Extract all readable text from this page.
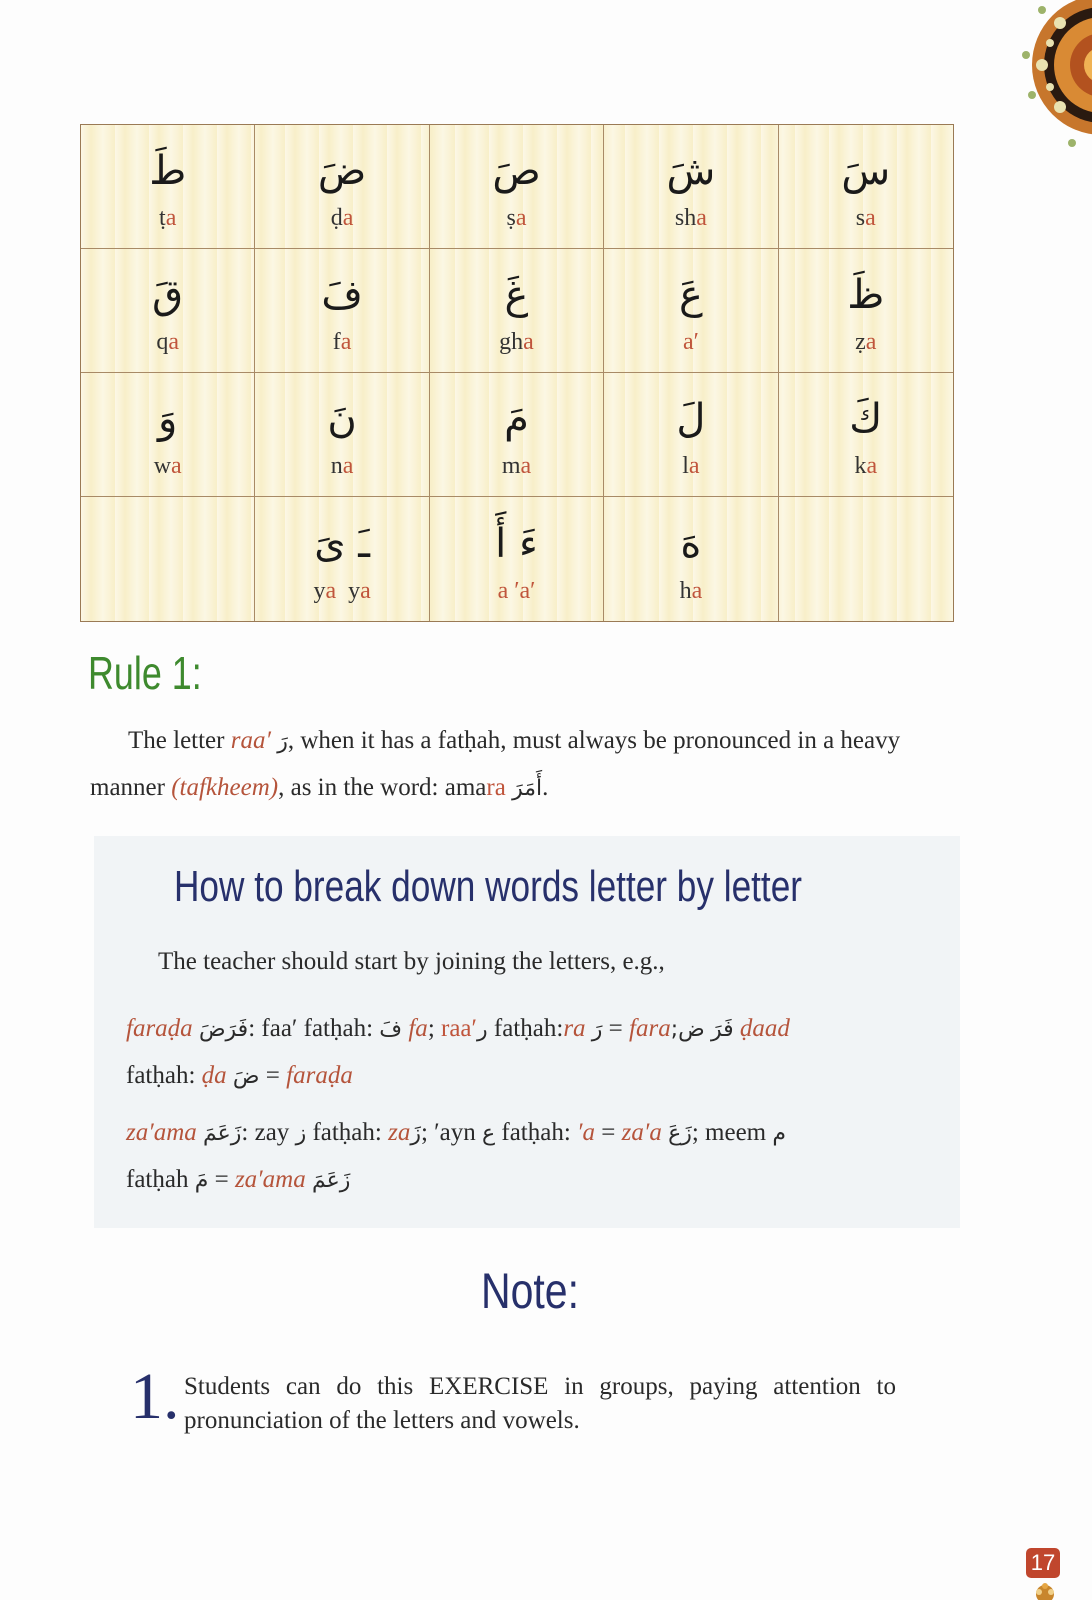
طَ
ṭa
ضَ
ḍa
صَ
ṣa
شَ
sha
سَ
sa
قَ
qa
فَ
fa
غَ
gha
عَ
a′
ظَ
ẓa
وَ
wa
نَ
na
مَ
ma
لَ
la
كَ
ka
ـَ ىَ
ya ya
ءَ أَ
a ′a′
هَ
ha
Rule 1:
The letter raa′ رَ, when it has a fatḥah, must always be pronounced in a heavy manner (tafkheem), as in the word: amara أَمَرَ.
How to break down words letter by letter
The teacher should start by joining the letters, e.g.,

faraḍa فَرَضَ: faa′ fatḥah: فَ fa; raa′ر fatḥah:ra رَ = fara;فَرَ ض ḍaad
fatḥah: ḍa ضَ = faraḍa

za′ama زَعَمَ: zay ز fatḥah: zaزَ; ′ayn ع fatḥah: ′a = za′a زَعَ; meem م
fatḥah مَ = za′ama زَعَمَ

Note:
1. Students can do this EXERCISE in groups, paying attention to pronunciation of the letters and vowels.
17
